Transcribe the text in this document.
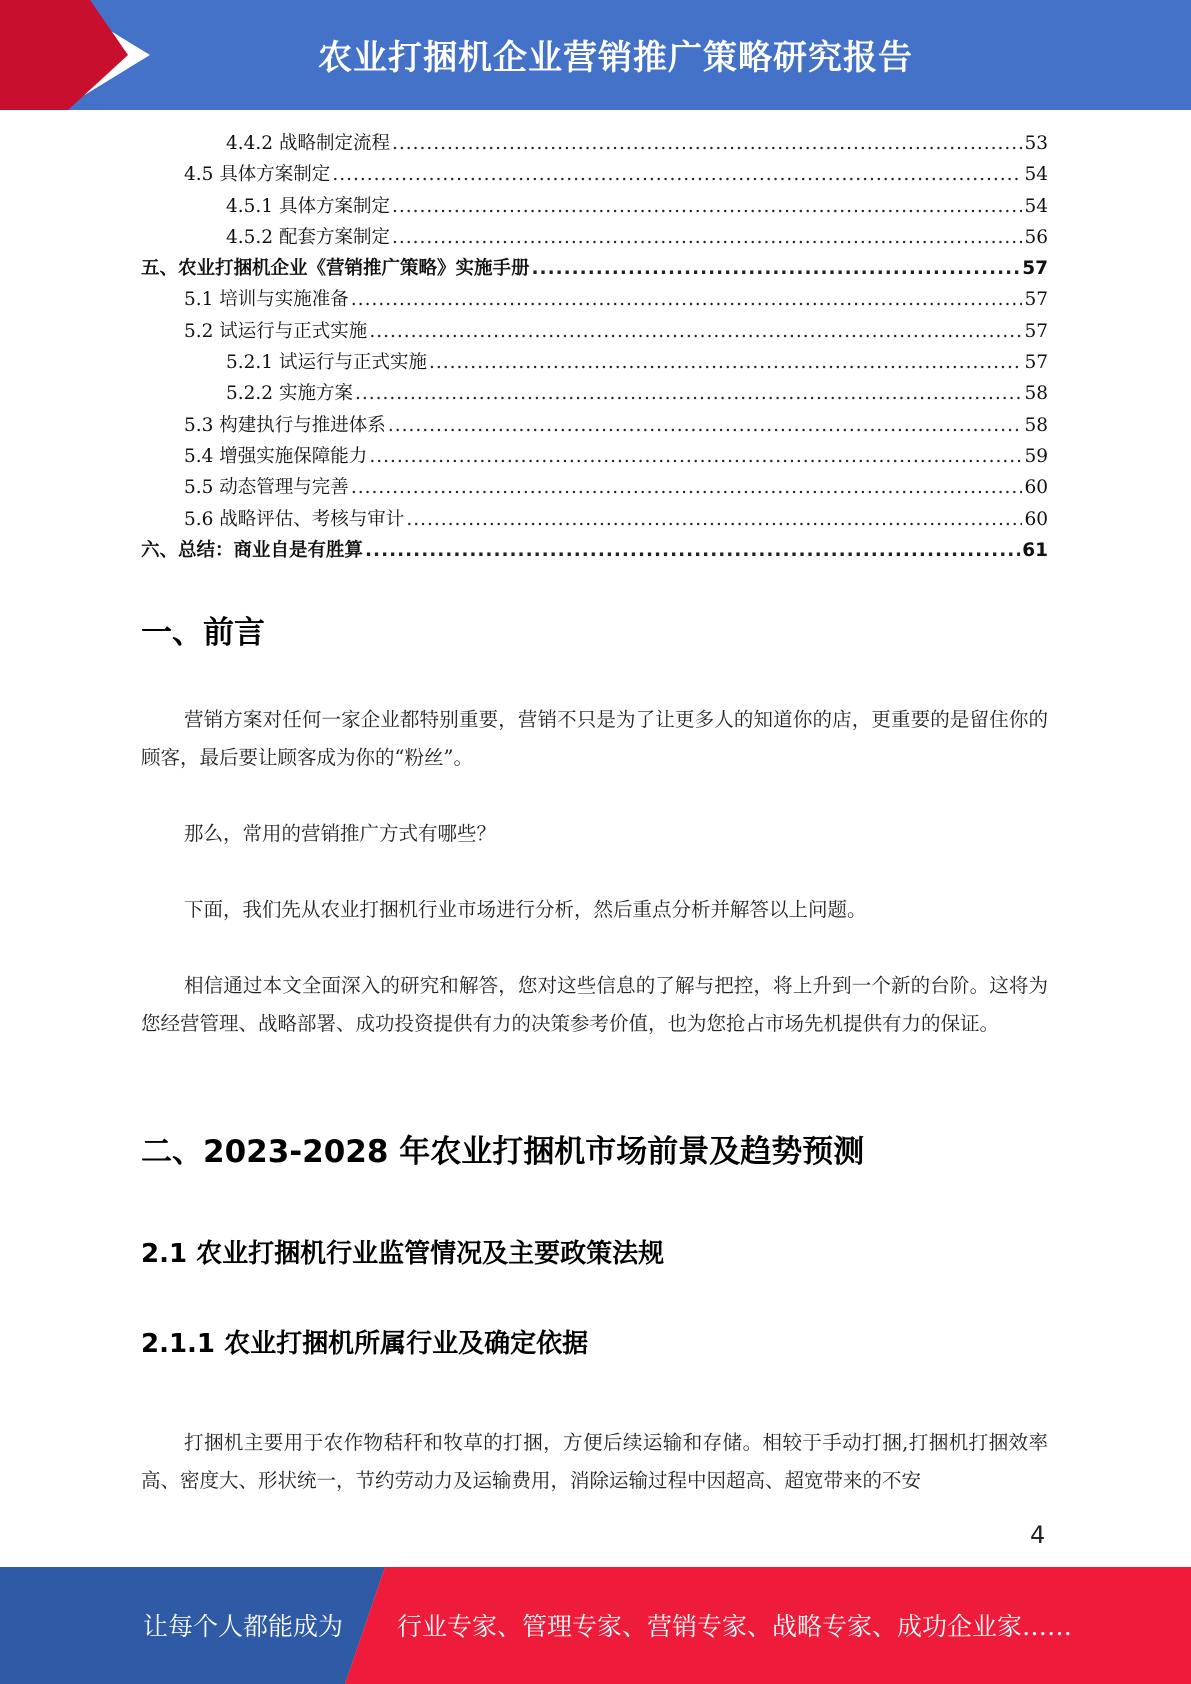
农业打捆机企业营销推广策略研究报告
4.4.2 战略制定流程 .....	53
4.5 具体方案制定 .....	54
4.5.1 具体方案制定 .....	54
4.5.2 配套方案制定 .....	56
五、农业打捆机企业《营销推广策略》实施手册 .....	57
5.1 培训与实施准备 .....	57
5.2 试运行与正式实施 .....	57
5.2.1 试运行与正式实施 .....	57
5.2.2 实施方案 .....	58
5.3 构建执行与推进体系 .....	58
5.4 增强实施保障能力 .....	59
5.5 动态管理与完善 .....	60
5.6 战略评估、考核与审计 .....	60
六、总结：商业自是有胜算 .....	61
一、前言
营销方案对任何一家企业都特别重要，营销不只是为了让更多人的知道你的店，更重要的是留住你的顾客，最后要让顾客成为你的“粉丝”。
那么，常用的营销推广方式有哪些？
下面，我们先从农业打捆机行业市场进行分析，然后重点分析并解答以上问题。
相信通过本文全面深入的研究和解答，您对这些信息的了解与把控，将上升到一个新的台阶。这将为您经营管理、战略部署、成功投资提供有力的决策参考价值，也为您抢占市场先机提供有力的保证。
二、2023-2028 年农业打捆机市场前景及趋势预测
2.1 农业打捆机行业监管情况及主要政策法规
2.1.1 农业打捆机所属行业及确定依据
打捆机主要用于农作物秸秆和牧草的打捆，方便后续运输和存储。相较于手动打捆,打捆机打捆效率高、密度大、形状统一，节约劳动力及运输费用，消除运输过程中因超高、超宽带来的不安
4
让每个人都能成为 行业专家、管理专家、营销专家、战略专家、成功企业家……
